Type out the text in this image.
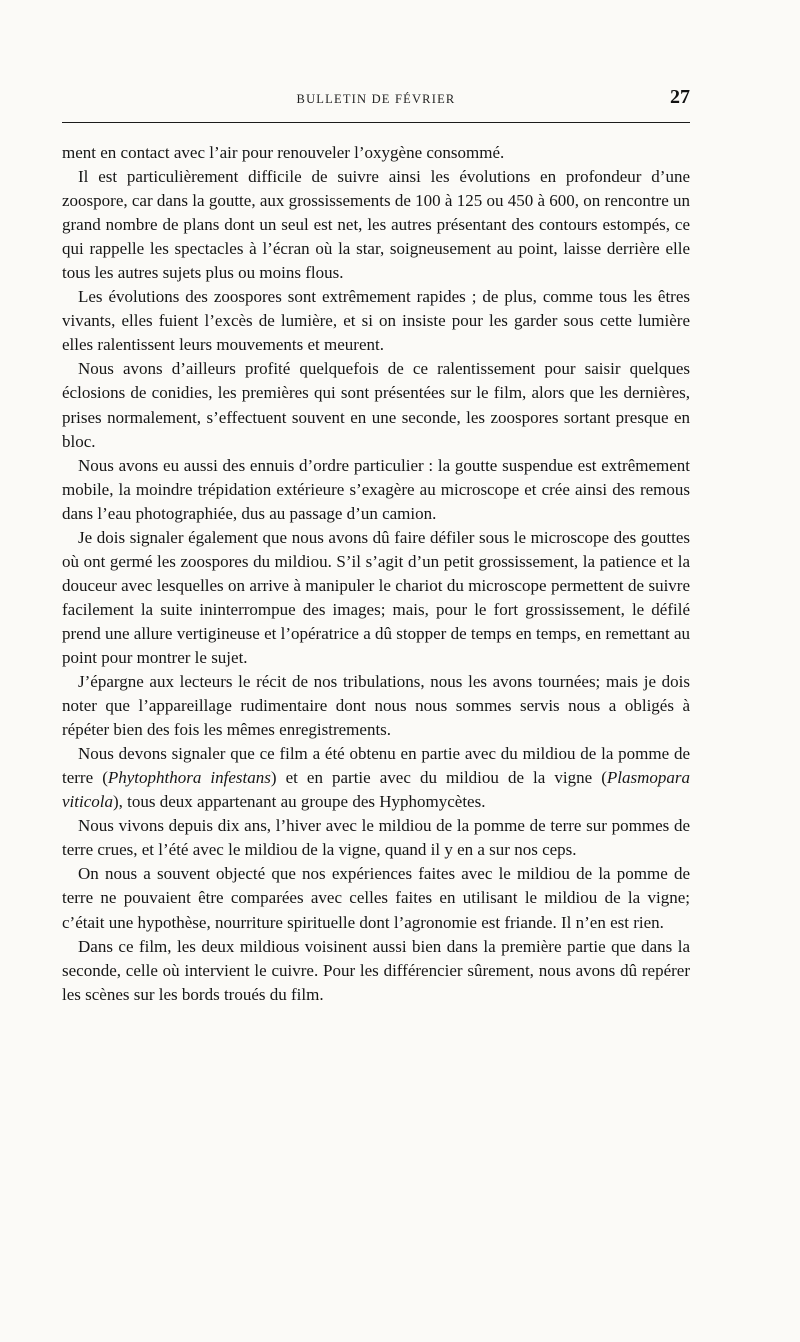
BULLETIN DE FÉVRIER	27

ment en contact avec l’air pour renouveler l’oxygène consommé.

Il est particulièrement difficile de suivre ainsi les évolutions en profondeur d’une zoospore, car dans la goutte, aux grossissements de 100 à 125 ou 450 à 600, on rencontre un grand nombre de plans dont un seul est net, les autres présentant des contours estompés, ce qui rappelle les spectacles à l’écran où la star, soigneusement au point, laisse derrière elle tous les autres sujets plus ou moins flous.

Les évolutions des zoospores sont extrêmement rapides ; de plus, comme tous les êtres vivants, elles fuient l’excès de lumière, et si on insiste pour les garder sous cette lumière elles ralentissent leurs mouvements et meurent.

Nous avons d’ailleurs profité quelquefois de ce ralentissement pour saisir quelques éclosions de conidies, les premières qui sont présentées sur le film, alors que les dernières, prises normalement, s’effectuent souvent en une seconde, les zoospores sortant presque en bloc.

Nous avons eu aussi des ennuis d’ordre particulier : la goutte suspendue est extrêmement mobile, la moindre trépidation extérieure s’exagère au microscope et crée ainsi des remous dans l’eau photographiée, dus au passage d’un camion.

Je dois signaler également que nous avons dû faire défiler sous le microscope des gouttes où ont germé les zoospores du mildiou. S’il s’agit d’un petit grossissement, la patience et la douceur avec lesquelles on arrive à manipuler le chariot du microscope permettent de suivre facilement la suite ininterrompue des images; mais, pour le fort grossissement, le défilé prend une allure vertigineuse et l’opératrice a dû stopper de temps en temps, en remettant au point pour montrer le sujet.

J’épargne aux lecteurs le récit de nos tribulations, nous les avons tournées; mais je dois noter que l’appareillage rudimentaire dont nous nous sommes servis nous a obligés à répéter bien des fois les mêmes enregistrements.

Nous devons signaler que ce film a été obtenu en partie avec du mildiou de la pomme de terre (Phytophthora infestans) et en partie avec du mildiou de la vigne (Plasmopara viticola), tous deux appartenant au groupe des Hyphomycètes.

Nous vivons depuis dix ans, l’hiver avec le mildiou de la pomme de terre sur pommes de terre crues, et l’été avec le mildiou de la vigne, quand il y en a sur nos ceps.

On nous a souvent objecté que nos expériences faites avec le mildiou de la pomme de terre ne pouvaient être comparées avec celles faites en utilisant le mildiou de la vigne; c’était une hypothèse, nourriture spirituelle dont l’agronomie est friande. Il n’en est rien.

Dans ce film, les deux mildious voisinent aussi bien dans la première partie que dans la seconde, celle où intervient le cuivre. Pour les différencier sûrement, nous avons dû repérer les scènes sur les bords troués du film.
